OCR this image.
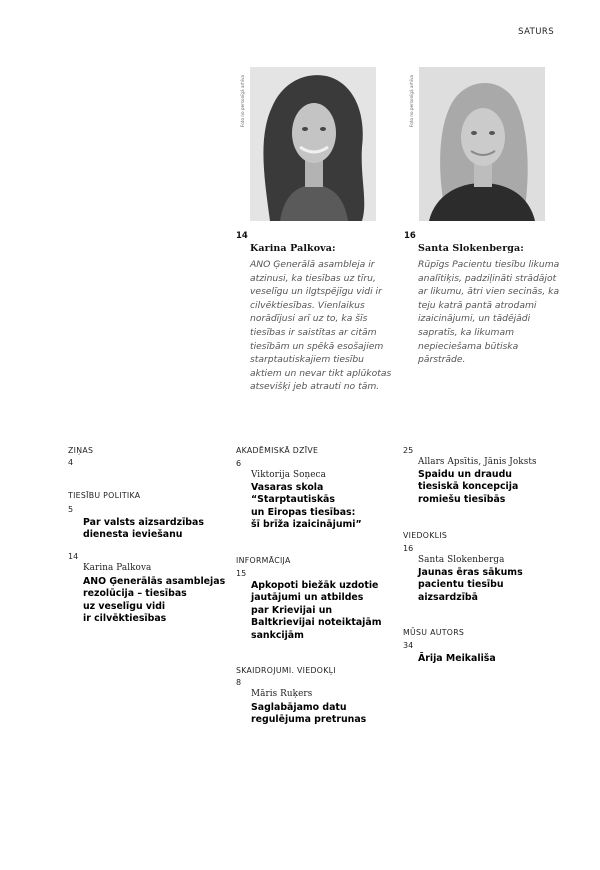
SATURS
Foto no personīgā arhīva	Foto no personīgā arhīva
14
Karina Palkova:
ANO Ģenerālā asambleja ir atzinusi, ka tiesības uz tīru, veselīgu un ilgtspējīgu vidi ir cilvēktiesības. Vienlaikus norādījusi arī uz to, ka šīs tiesības ir saistītas ar citām tiesībām un spēkā esošajiem starptautiskajiem tiesību aktiem un nevar tikt aplūkotas atsevišķi jeb atrauti no tām.
16
Santa Slokenberga:
Rūpīgs Pacientu tiesību likuma analītiķis, padziļināti strādājot ar likumu, ātri vien secinās, ka teju katrā pantā atrodami izaicinājumi, un tādējādi sapratīs, ka likumam nepieciešama būtiska pārstrāde.
ZIŅAS
4
TIESĪBU POLITIKA
5
Par valsts aizsardzības
dienesta ieviešanu
14
Karina Palkova
ANO Ģenerālās asamblejas
rezolūcija – tiesības
uz veselīgu vidi
ir cilvēktiesības
AKADĒMISKĀ DZĪVE
6
Viktorija Soņeca
Vasaras skola
“Starptautiskās
un Eiropas tiesības:
šī brīža izaicinājumi”
INFORMĀCIJA
15
Apkopoti biežāk uzdotie
jautājumi un atbildes
par Krievijai un
Baltkrievijai noteiktajām
sankcijām
SKAIDROJUMI. VIEDOKĻI
8
Māris Ruķers
Saglabājamo datu
regulējuma pretrunas
25
Allars Apsītis, Jānis Joksts
Spaidu un draudu
tiesiskā koncepcija
romiešu tiesībās
VIEDOKLIS
16
Santa Slokenberga
Jaunas ēras sākums
pacientu tiesību
aizsardzībā
MŪSU AUTORS
34
Ārija Meikališa
